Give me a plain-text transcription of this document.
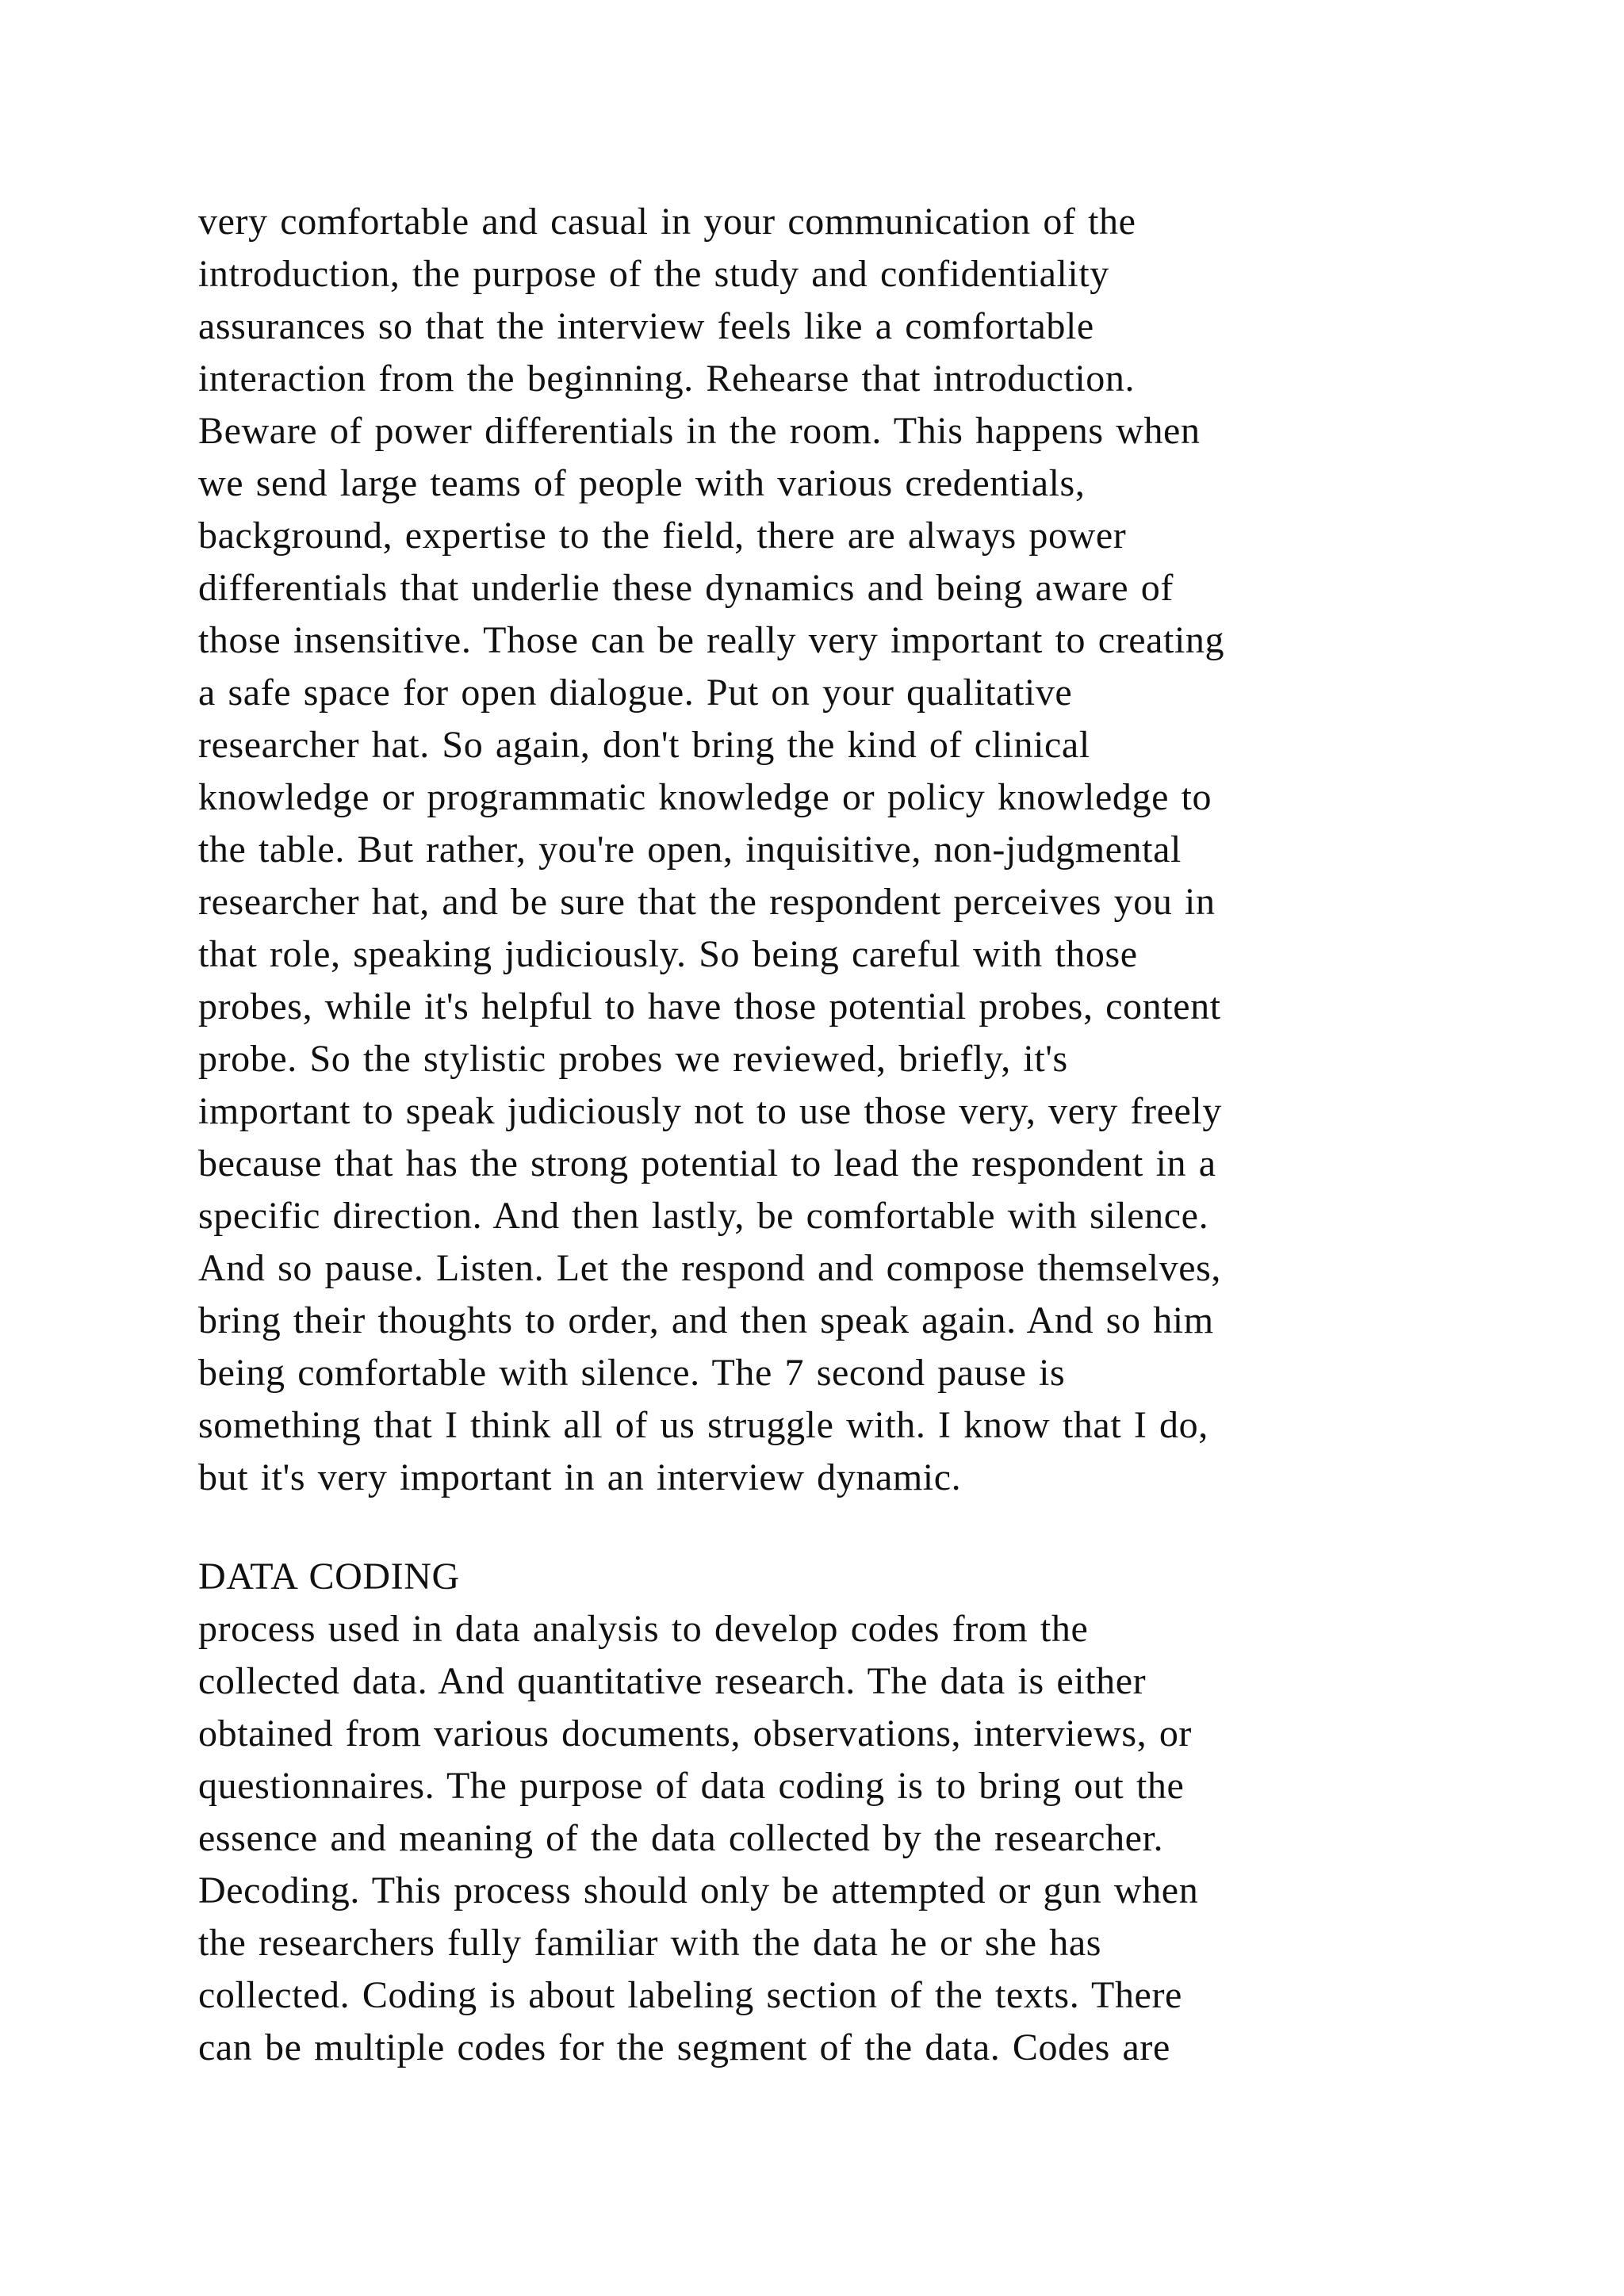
very comfortable and casual in your communication of the
introduction, the purpose of the study and confidentiality
assurances so that the interview feels like a comfortable
interaction from the beginning. Rehearse that introduction.
Beware of power differentials in the room. This happens when
we send large teams of people with various credentials,
background, expertise to the field, there are always power
differentials that underlie these dynamics and being aware of
those insensitive. Those can be really very important to creating
a safe space for open dialogue. Put on your qualitative
researcher hat. So again, don't bring the kind of clinical
knowledge or programmatic knowledge or policy knowledge to
the table. But rather, you're open, inquisitive, non-judgmental
researcher hat, and be sure that the respondent perceives you in
that role, speaking judiciously. So being careful with those
probes, while it's helpful to have those potential probes, content
probe. So the stylistic probes we reviewed, briefly, it's
important to speak judiciously not to use those very, very freely
because that has the strong potential to lead the respondent in a
specific direction. And then lastly, be comfortable with silence.
And so pause. Listen. Let the respond and compose themselves,
bring their thoughts to order, and then speak again. And so him
being comfortable with silence. The 7 second pause is
something that I think all of us struggle with. I know that I do,
but it's very important in an interview dynamic.
DATA CODING
process used in data analysis to develop codes from the
collected data. And quantitative research. The data is either
obtained from various documents, observations, interviews, or
questionnaires. The purpose of data coding is to bring out the
essence and meaning of the data collected by the researcher.
Decoding. This process should only be attempted or gun when
the researchers fully familiar with the data he or she has
collected. Coding is about labeling section of the texts. There
can be multiple codes for the segment of the data. Codes are
